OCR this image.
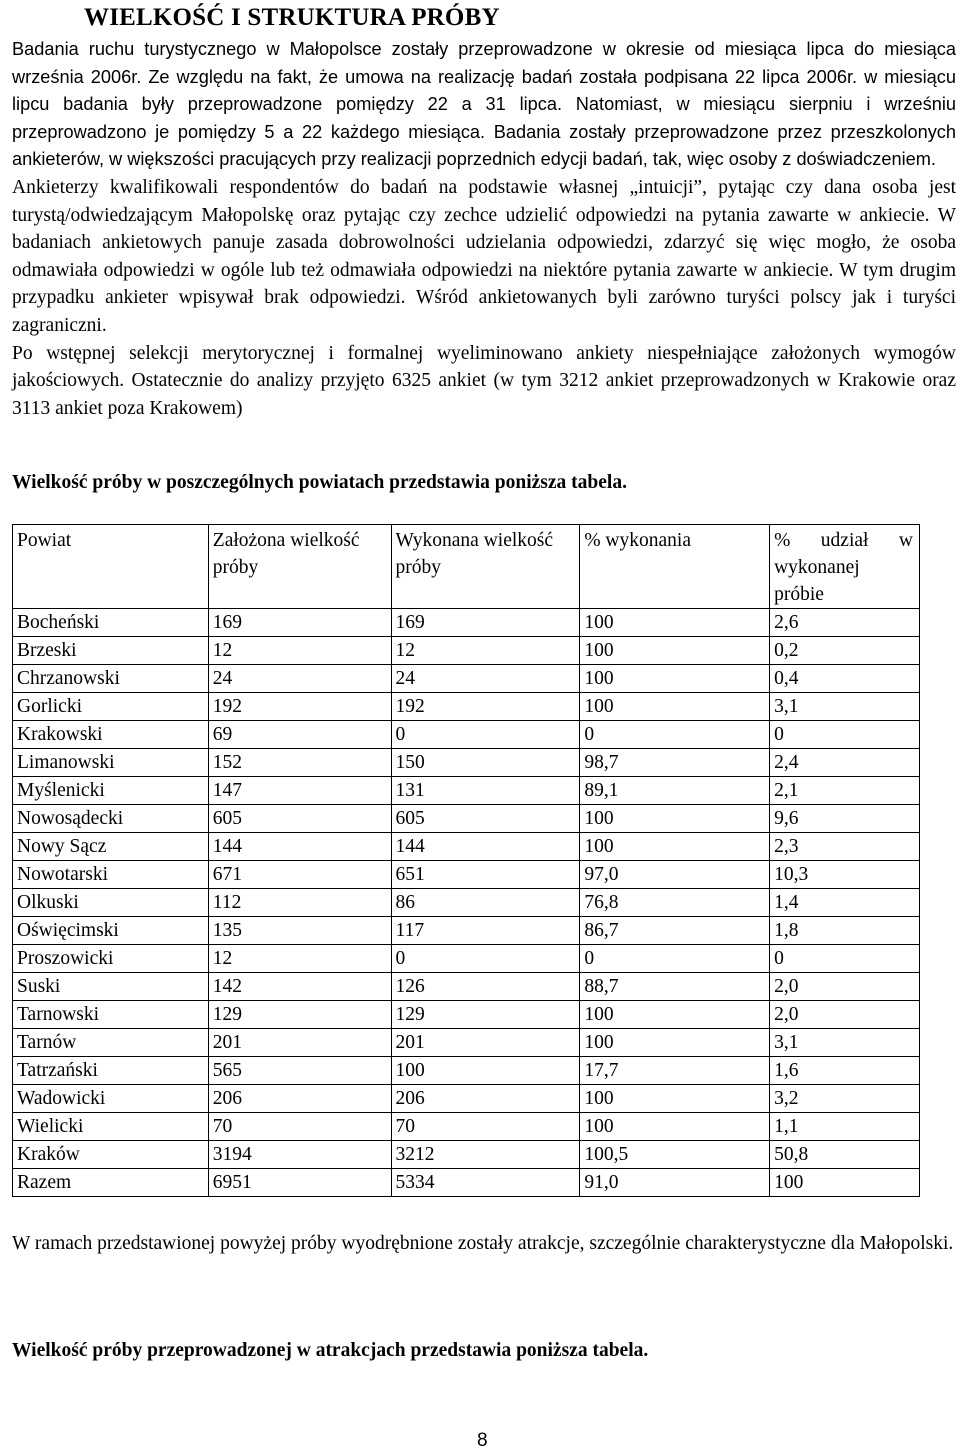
WIELKOŚĆ I STRUKTURA PRÓBY

Badania ruchu turystycznego w Małopolsce zostały przeprowadzone w okresie od miesiąca lipca do miesiąca września 2006r. Ze względu na fakt, że umowa na realizację badań została podpisana 22 lipca 2006r. w miesiącu lipcu badania były przeprowadzone pomiędzy 22 a 31 lipca. Natomiast, w miesiącu sierpniu i wrześniu przeprowadzono je pomiędzy 5 a 22 każdego miesiąca. Badania zostały przeprowadzone przez przeszkolonych ankieterów, w większości pracujących przy realizacji poprzednich edycji badań, tak, więc osoby z doświadczeniem.

Ankieterzy kwalifikowali respondentów do badań na podstawie własnej „intuicji”, pytając czy dana osoba jest turystą/odwiedzającym Małopolskę oraz pytając czy zechce udzielić odpowiedzi na pytania zawarte w ankiecie. W badaniach ankietowych panuje zasada dobrowolności udzielania odpowiedzi, zdarzyć się więc mogło, że osoba odmawiała odpowiedzi w ogóle lub też odmawiała odpowiedzi na niektóre pytania zawarte w ankiecie. W tym drugim przypadku ankieter wpisywał brak odpowiedzi. Wśród ankietowanych byli zarówno turyści polscy jak i turyści zagraniczni.

Po wstępnej selekcji merytorycznej i formalnej wyeliminowano ankiety niespełniające założonych wymogów jakościowych. Ostatecznie do analizy przyjęto 6325 ankiet (w tym 3212 ankiet przeprowadzonych w Krakowie oraz 3113 ankiet poza Krakowem)

Wielkość próby w poszczególnych powiatach przedstawia poniższa tabela.
Powiat	Założona wielkość próby	Wykonana wielkość próby	% wykonania	% udział w wykonanej próbie
Bocheński	169	169	100	2,6
Brzeski	12	12	100	0,2
Chrzanowski	24	24	100	0,4
Gorlicki	192	192	100	3,1
Krakowski	69	0	0	0
Limanowski	152	150	98,7	2,4
Myślenicki	147	131	89,1	2,1
Nowosądecki	605	605	100	9,6
Nowy Sącz	144	144	100	2,3
Nowotarski	671	651	97,0	10,3
Olkuski	112	86	76,8	1,4
Oświęcimski	135	117	86,7	1,8
Proszowicki	12	0	0	0
Suski	142	126	88,7	2,0
Tarnowski	129	129	100	2,0
Tarnów	201	201	100	3,1
Tatrzański	565	100	17,7	1,6
Wadowicki	206	206	100	3,2
Wielicki	70	70	100	1,1
Kraków	3194	3212	100,5	50,8
Razem	6951	5334	91,0	100
W ramach przedstawionej powyżej próby wyodrębnione zostały atrakcje, szczególnie charakterystyczne dla Małopolski.
Wielkość próby przeprowadzonej w atrakcjach przedstawia poniższa tabela.
8
